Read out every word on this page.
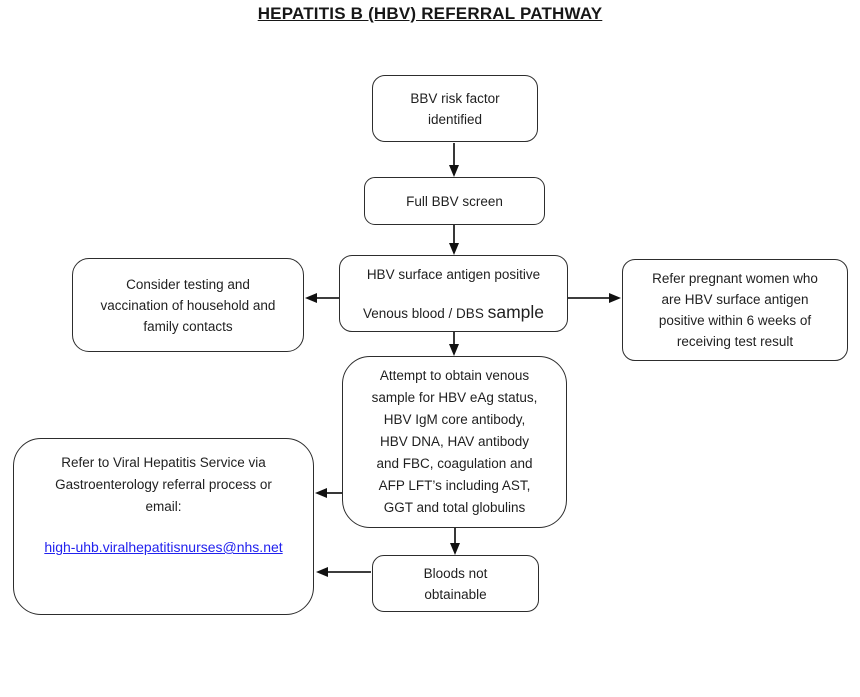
HEPATITIS B (HBV) REFERRAL PATHWAY
BBV risk factor
identified
Full BBV screen
HBV surface antigen positive
Venous blood / DBS sample
Consider testing and
vaccination of household and
family contacts
Refer pregnant women who
are HBV surface antigen
positive within 6 weeks of
receiving test result
Attempt to obtain venous
sample for HBV eAg status,
HBV IgM core antibody,
HBV DNA, HAV antibody
and FBC, coagulation and
AFP LFT’s including AST,
GGT and total globulins
Refer to Viral Hepatitis Service via
Gastroenterology referral process or
email:
high-uhb.viralhepatitisnurses@nhs.net
Bloods not
obtainable
